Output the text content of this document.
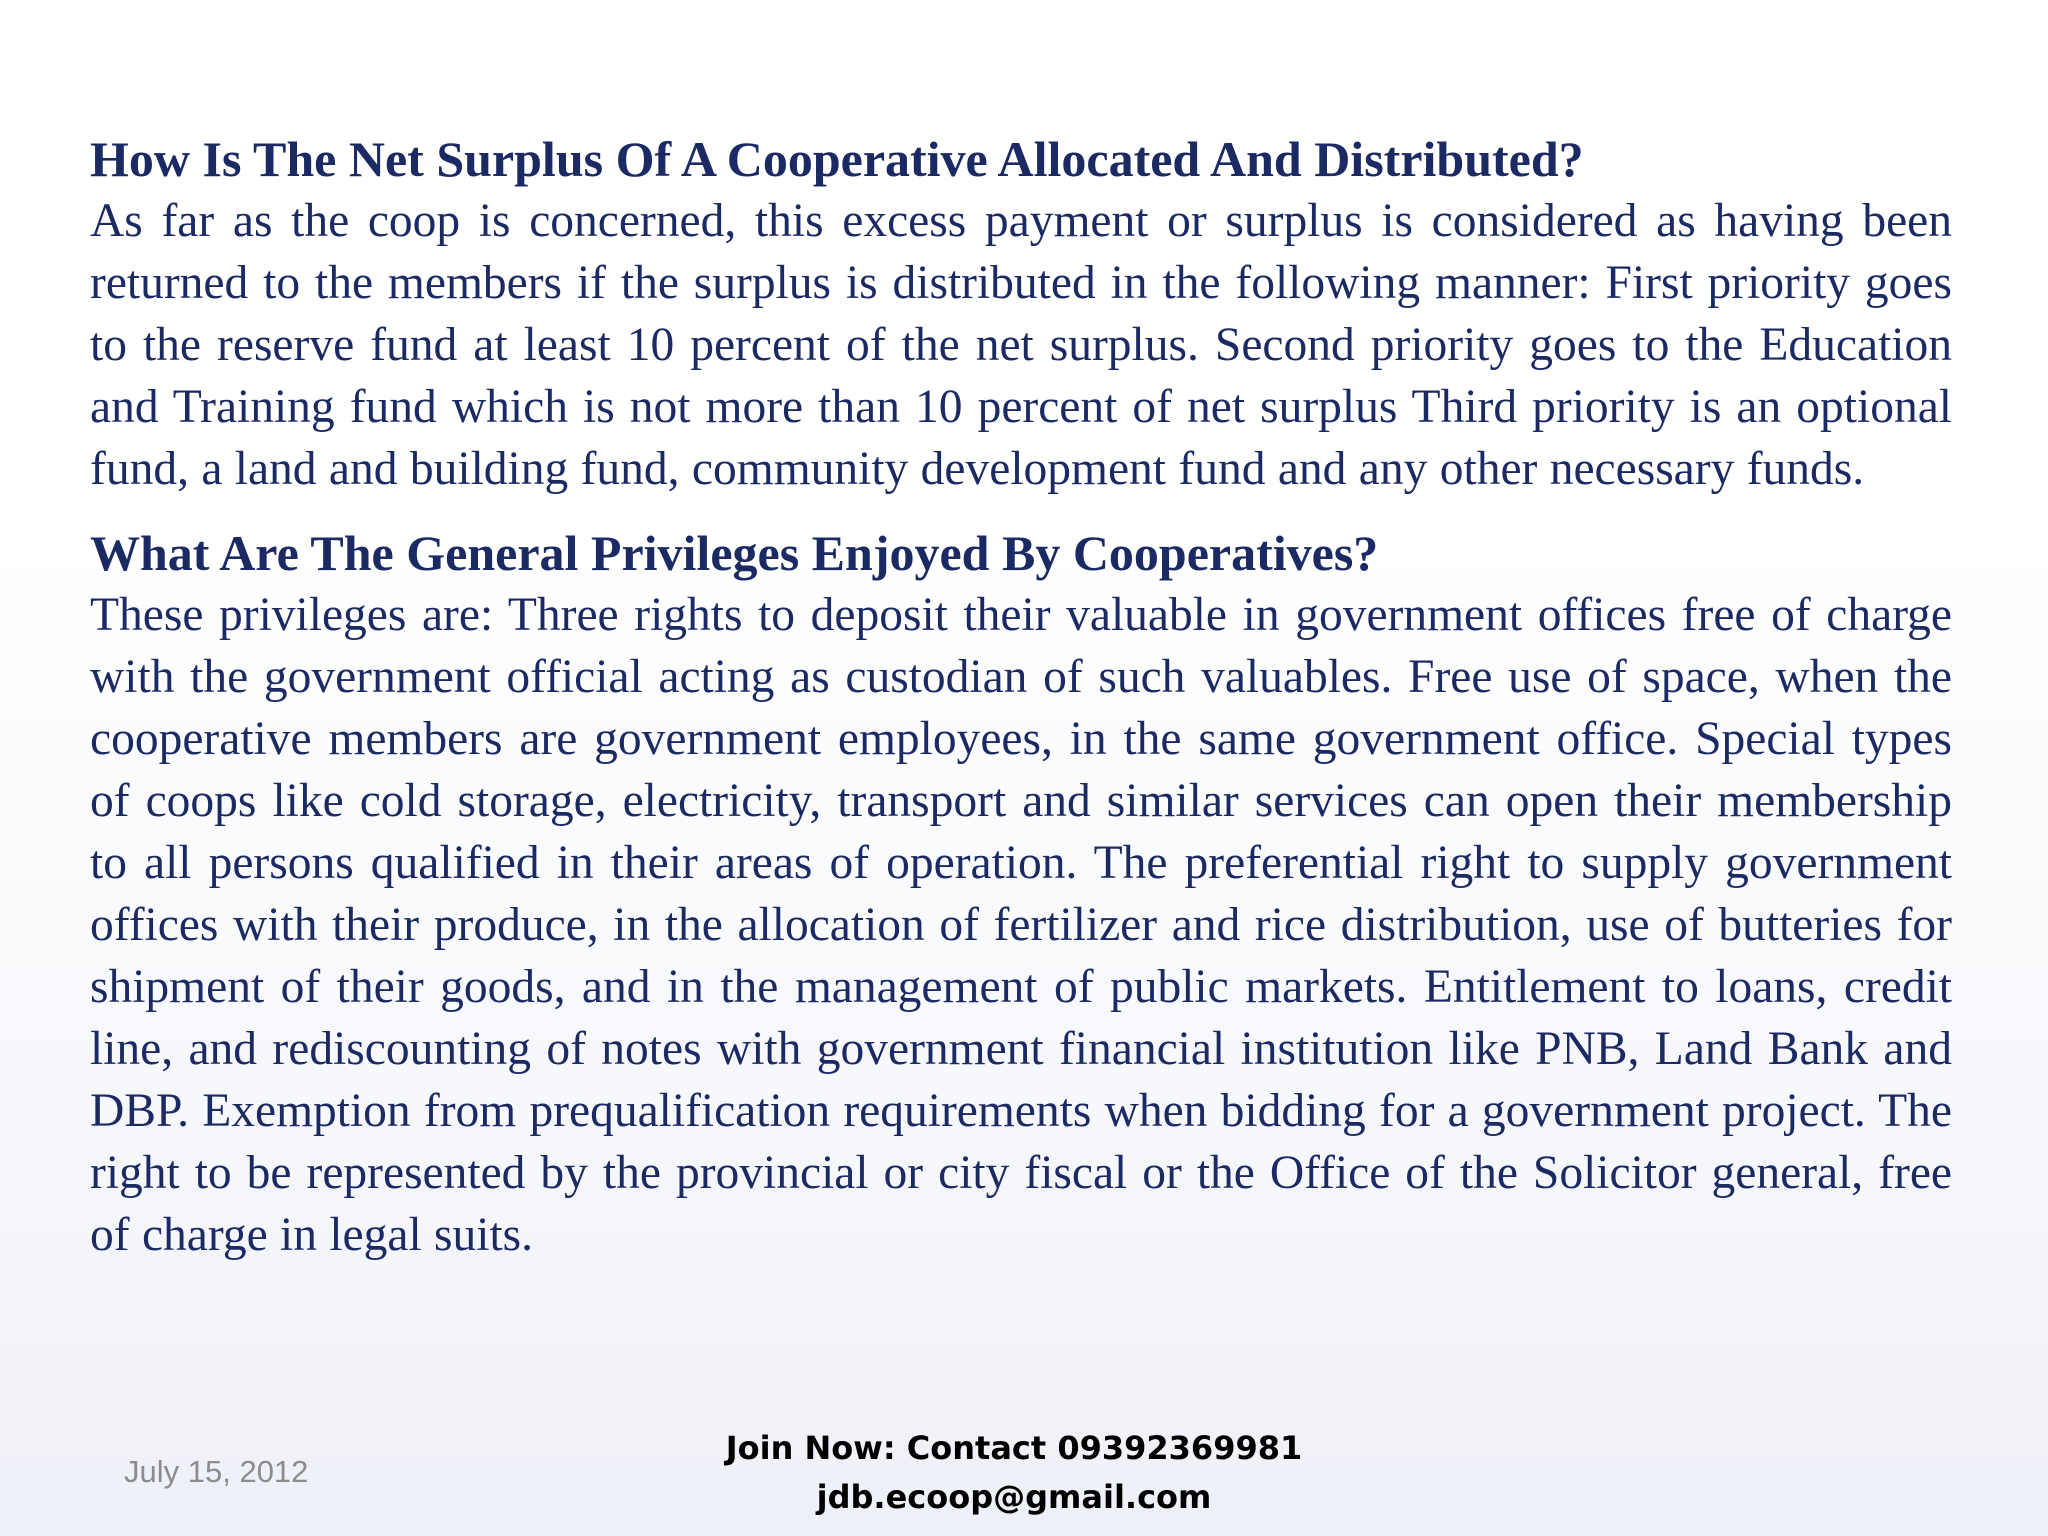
How Is The Net Surplus Of A Cooperative Allocated And Distributed?

As far as the coop is concerned, this excess payment or surplus is considered as having been returned to the members if the surplus is distributed in the following manner: First priority goes to the reserve fund at least 10 percent of the net surplus. Second priority goes to the Education and Training fund which is not more than 10 percent of net surplus Third priority is an optional fund, a land and building fund, community development fund and any other necessary funds.

What Are The General Privileges Enjoyed By Cooperatives?

These privileges are: Three rights to deposit their valuable in government offices free of charge with the government official acting as custodian of such valuables. Free use of space, when the cooperative members are government employees, in the same government office. Special types of coops like cold storage, electricity, transport and similar services can open their membership to all persons qualified in their areas of operation. The preferential right to supply government offices with their produce, in the allocation of fertilizer and rice distribution, use of butteries for shipment of their goods, and in the management of public markets. Entitlement to loans, credit line, and rediscounting of notes with government financial institution like PNB, Land Bank and DBP. Exemption from prequalification requirements when bidding for a government project. The right to be represented by the provincial or city fiscal or the Office of the Solicitor general, free of charge in legal suits.

July 15, 2012
Join Now: Contact 09392369981
jdb.ecoop@gmail.com
